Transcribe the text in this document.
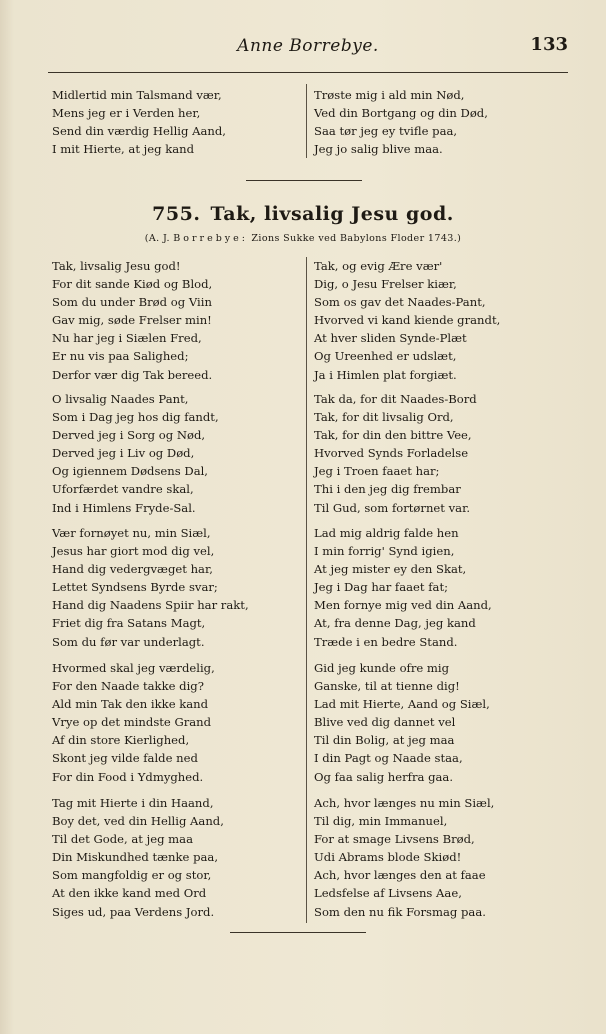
Anne Borrebye.	133
Midlertid min Talsmand vær,
Mens jeg er i Verden her,
Send din værdig Hellig Aand,
I mit Hierte, at jeg kand
Trøste mig i ald min Nød,
Ved din Bortgang og din Død,
Saa tør jeg ey tvifle paa,
Jeg jo salig blive maa.
755. Tak, livsalig Jesu god.
(A. J. Borrebye: Zions Sukke ved Babylons Floder 1743.)
Tak, livsalig Jesu god!
For dit sande Kiød og Blod,
Som du under Brød og Viin
Gav mig, søde Frelser min!
Nu har jeg i Siælen Fred,
Er nu vis paa Salighed;
Derfor vær dig Tak bereed.
O livsalig Naades Pant,
Som i Dag jeg hos dig fandt,
Derved jeg i Sorg og Nød,
Derved jeg i Liv og Død,
Og igiennem Dødsens Dal,
Uforfærdet vandre skal,
Ind i Himlens Fryde-Sal.
Vær fornøyet nu, min Siæl,
Jesus har giort mod dig vel,
Hand dig vedergvæget har,
Lettet Syndsens Byrde svar;
Hand dig Naadens Spiir har rakt,
Friet dig fra Satans Magt,
Som du før var underlagt.
Hvormed skal jeg værdelig,
For den Naade takke dig?
Ald min Tak den ikke kand
Vrye op det mindste Grand
Af din store Kierlighed,
Skont jeg vilde falde ned
For din Food i Ydmyghed.
Tag mit Hierte i din Haand,
Boy det, ved din Hellig Aand,
Til det Gode, at jeg maa
Din Miskundhed tænke paa,
Som mangfoldig er og stor,
At den ikke kand med Ord
Siges ud, paa Verdens Jord.
Tak, og evig Ære vær'
Dig, o Jesu Frelser kiær,
Som os gav det Naades-Pant,
Hvorved vi kand kiende grandt,
At hver sliden Synde-Plæt
Og Ureenhed er udslæt,
Ja i Himlen plat forgiæt.
Tak da, for dit Naades-Bord
Tak, for dit livsalig Ord,
Tak, for din den bittre Vee,
Hvorved Synds Forladelse
Jeg i Troen faaet har;
Thi i den jeg dig frembar
Til Gud, som fortørnet var.
Lad mig aldrig falde hen
I min forrig' Synd igien,
At jeg mister ey den Skat,
Jeg i Dag har faaet fat;
Men fornye mig ved din Aand,
At, fra denne Dag, jeg kand
Træde i en bedre Stand.
Gid jeg kunde ofre mig
Ganske, til at tienne dig!
Lad mit Hierte, Aand og Siæl,
Blive ved dig dannet vel
Til din Bolig, at jeg maa
I din Pagt og Naade staa,
Og faa salig herfra gaa.
Ach, hvor længes nu min Siæl,
Til dig, min Immanuel,
For at smage Livsens Brød,
Udi Abrams blode Skiød!
Ach, hvor længes den at faae
Ledsfelse af Livsens Aae,
Som den nu fik Forsmag paa.
